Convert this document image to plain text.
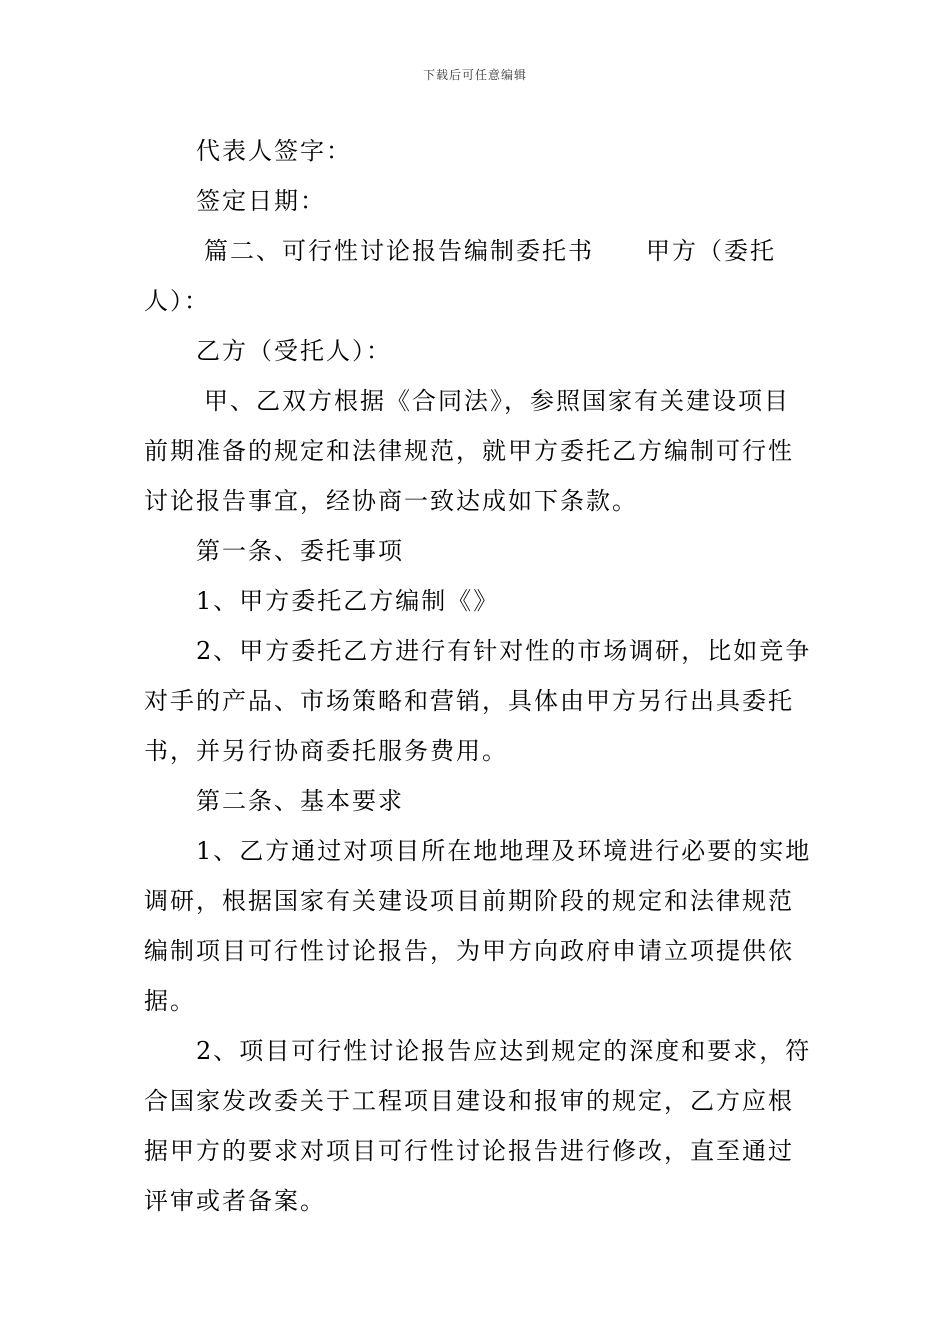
下载后可任意编辑
代表人签字：
签定日期：
篇二、可行性讨论报告编制委托书　　甲方（委托
人）：
乙方（受托人）：
甲、乙双方根据《合同法》，参照国家有关建设项目
前期准备的规定和法律规范，就甲方委托乙方编制可行性
讨论报告事宜，经协商一致达成如下条款。
第一条、委托事项
1、甲方委托乙方编制《》
2、甲方委托乙方进行有针对性的市场调研，比如竞争
对手的产品、市场策略和营销，具体由甲方另行出具委托
书，并另行协商委托服务费用。
第二条、基本要求
1、乙方通过对项目所在地地理及环境进行必要的实地
调研，根据国家有关建设项目前期阶段的规定和法律规范
编制项目可行性讨论报告，为甲方向政府申请立项提供依
据。
2、项目可行性讨论报告应达到规定的深度和要求，符
合国家发改委关于工程项目建设和报审的规定，乙方应根
据甲方的要求对项目可行性讨论报告进行修改，直至通过
评审或者备案。
